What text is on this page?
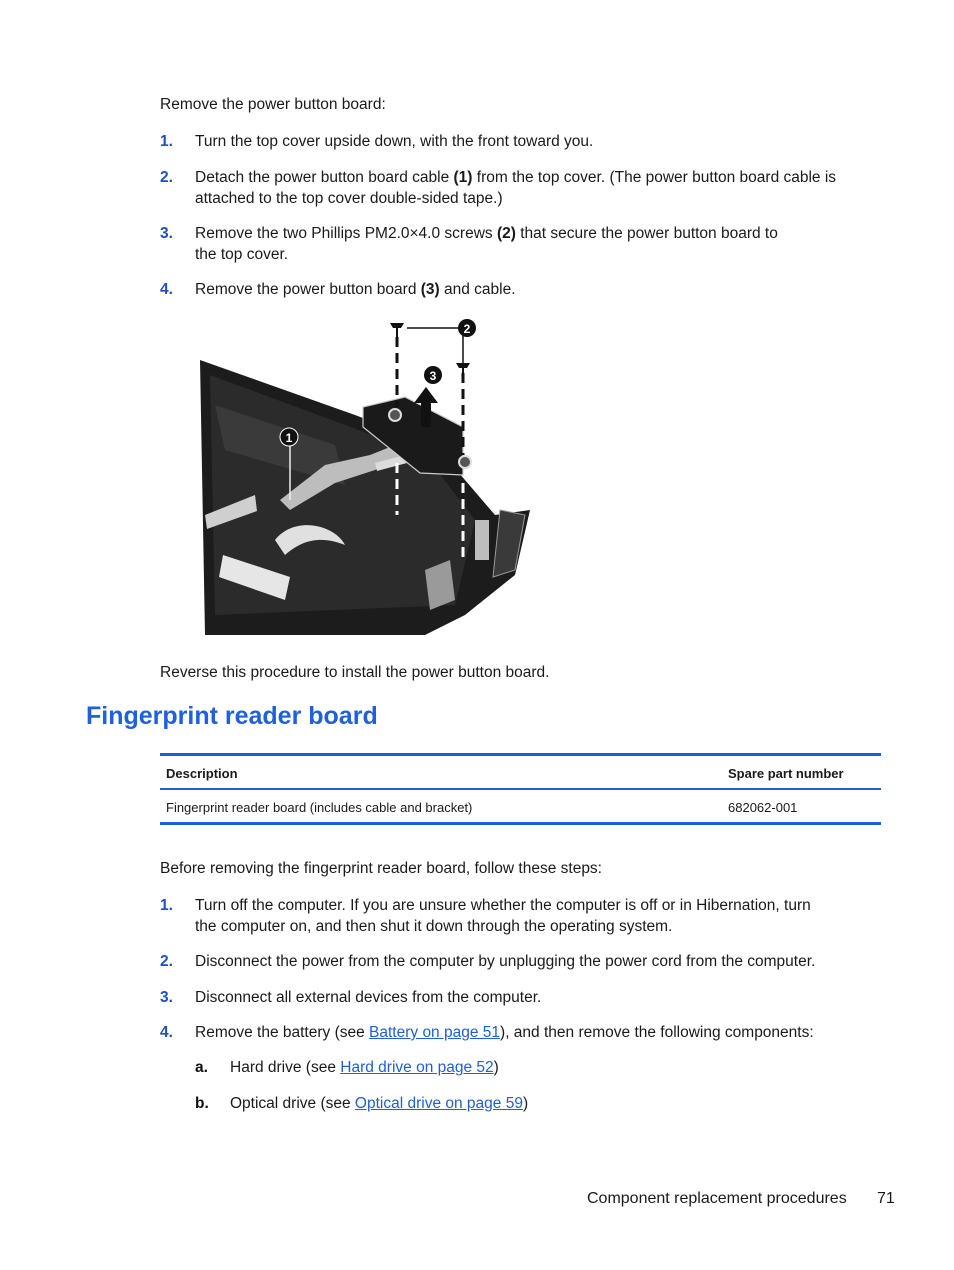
Remove the power button board:
1. Turn the top cover upside down, with the front toward you.
2. Detach the power button board cable (1) from the top cover. (The power button board cable is attached to the top cover double-sided tape.)
3. Remove the two Phillips PM2.0×4.0 screws (2) that secure the power button board to the top cover.
4. Remove the power button board (3) and cable.
2
3
1
Reverse this procedure to install the power button board.
Fingerprint reader board
Description	Spare part number
Fingerprint reader board (includes cable and bracket)	682062-001
Before removing the fingerprint reader board, follow these steps:
1. Turn off the computer. If you are unsure whether the computer is off or in Hibernation, turn the computer on, and then shut it down through the operating system.
2. Disconnect the power from the computer by unplugging the power cord from the computer.
3. Disconnect all external devices from the computer.
4. Remove the battery (see Battery on page 51), and then remove the following components:
a. Hard drive (see Hard drive on page 52)
b. Optical drive (see Optical drive on page 59)
Component replacement procedures 71
